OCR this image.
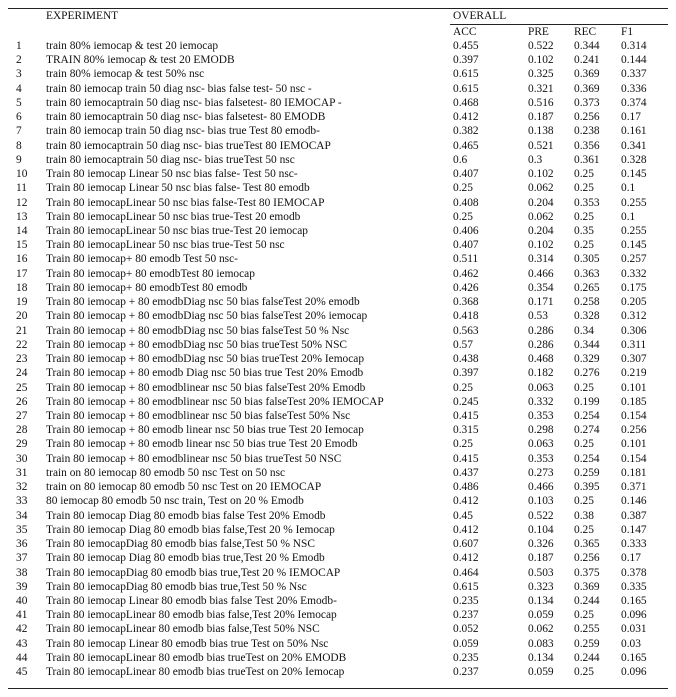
EXPERIMENT	OVERALL
ACC	PRE REC F1
1	train 80% iemocap & test 20 iemocap	0.455	0.522 0.344 0.314
2	TRAIN 80% iemocap & test 20 EMODB	0.397	0.102 0.241 0.144
3	train 80% iemocap & test 50% nsc	0.615	0.325 0.369 0.337
4	train 80 iemocap train 50 diag nsc- bias false test- 50 nsc -	0.615	0.321 0.369 0.336
5	train 80 iemocaptrain 50 diag nsc- bias falsetest- 80 IEMOCAP -	0.468	0.516 0.373 0.374
6	train 80 iemocaptrain 50 diag nsc- bias falsetest- 80 EMODB	0.412	0.187 0.256 0.17
7	train 80 iemocap train 50 diag nsc- bias true Test 80 emodb-	0.382	0.138 0.238 0.161
8	train 80 iemocaptrain 50 diag nsc- bias trueTest 80 IEMOCAP	0.465	0.521 0.356 0.341
9	train 80 iemocaptrain 50 diag nsc- bias trueTest 50 nsc	0.6	0.3	0.361 0.328
10	Train 80 iemocap Linear 50 nsc bias false- Test 50 nsc-	0.407	0.102 0.25 0.145
11	Train 80 iemocap Linear 50 nsc bias false- Test 80 emodb	0.25	0.062 0.25 0.1
12	Train 80 iemocapLinear 50 nsc bias false-Test 80 IEMOCAP	0.408	0.204 0.353 0.255
13	Train 80 iemocapLinear 50 nsc bias true-Test 20 emodb	0.25	0.062 0.25 0.1
14	Train 80 iemocapLinear 50 nsc bias true-Test 20 iemocap	0.406	0.204 0.35 0.255
15	Train 80 iemocapLinear 50 nsc bias true-Test 50 nsc	0.407	0.102 0.25 0.145
16	Train 80 iemocap+ 80 emodb Test 50 nsc-	0.511	0.314 0.305 0.257
17	Train 80 iemocap+ 80 emodbTest 80 iemocap	0.462	0.466 0.363 0.332
18	Train 80 iemocap+ 80 emodbTest 80 emodb	0.426	0.354 0.265 0.175
19	Train 80 iemocap + 80 emodbDiag nsc 50 bias falseTest 20% emodb	0.368	0.171 0.258 0.205
20	Train 80 iemocap + 80 emodbDiag nsc 50 bias falseTest 20% iemocap	0.418	0.53 0.328 0.312
21	Train 80 iemocap + 80 emodbDiag nsc 50 bias falseTest 50 % Nsc	0.563	0.286 0.34 0.306
22	Train 80 iemocap + 80 emodbDiag nsc 50 bias trueTest 50% NSC	0.57	0.286 0.344 0.311
23	Train 80 iemocap + 80 emodbDiag nsc 50 bias trueTest 20% Iemocap	0.438	0.468 0.329 0.307
24	Train 80 iemocap + 80 emodb Diag nsc 50 bias true Test 20% Emodb	0.397	0.182 0.276 0.219
25	Train 80 iemocap + 80 emodblinear nsc 50 bias falseTest 20% Emodb	0.25	0.063 0.25 0.101
26	Train 80 iemocap + 80 emodblinear nsc 50 bias falseTest 20% IEMOCAP	0.245	0.332 0.199 0.185
27	Train 80 iemocap + 80 emodblinear nsc 50 bias falseTest 50% Nsc	0.415	0.353 0.254 0.154
28	Train 80 iemocap + 80 emodb linear nsc 50 bias true Test 20 Iemocap	0.315	0.298 0.274 0.256
29	Train 80 iemocap + 80 emodb linear nsc 50 bias true Test 20 Emodb	0.25	0.063 0.25 0.101
30	Train 80 iemocap + 80 emodblinear nsc 50 bias trueTest 50 NSC	0.415	0.353 0.254 0.154
31	train on 80 iemocap 80 emodb 50 nsc Test on 50 nsc	0.437	0.273 0.259 0.181
32	train on 80 iemocap 80 emodb 50 nsc Test on 20 IEMOCAP	0.486	0.466 0.395 0.371
33	80 iemocap 80 emodb 50 nsc train, Test on 20 % Emodb	0.412	0.103 0.25 0.146
34	Train 80 iemocap Diag 80 emodb bias false Test 20% Emodb	0.45	0.522 0.38 0.387
35	Train 80 iemocap Diag 80 emodb bias false,Test 20 % Iemocap	0.412	0.104 0.25 0.147
36	Train 80 iemocapDiag 80 emodb bias false,Test 50 % NSC	0.607	0.326 0.365 0.333
37	Train 80 iemocap Diag 80 emodb bias true,Test 20 % Emodb	0.412	0.187 0.256 0.17
38	Train 80 iemocapDiag 80 emodb bias true,Test 20 % IEMOCAP	0.464	0.503 0.375 0.378
39	Train 80 iemocapDiag 80 emodb bias true,Test 50 % Nsc	0.615	0.323 0.369 0.335
40	Train 80 iemocap Linear 80 emodb bias false Test 20% Emodb-	0.235	0.134 0.244 0.165
41	Train 80 iemocapLinear 80 emodb bias false,Test 20% Iemocap	0.237	0.059 0.25 0.096
42	Train 80 iemocapLinear 80 emodb bias false,Test 50% NSC	0.052	0.062 0.255 0.031
43	Train 80 iemocap Linear 80 emodb bias true Test on 50% Nsc	0.059	0.083 0.259 0.03
44	Train 80 iemocapLinear 80 emodb bias trueTest on 20% EMODB	0.235	0.134 0.244 0.165
45	Train 80 iemocapLinear 80 emodb bias trueTest on 20% Iemocap	0.237	0.059 0.25 0.096
